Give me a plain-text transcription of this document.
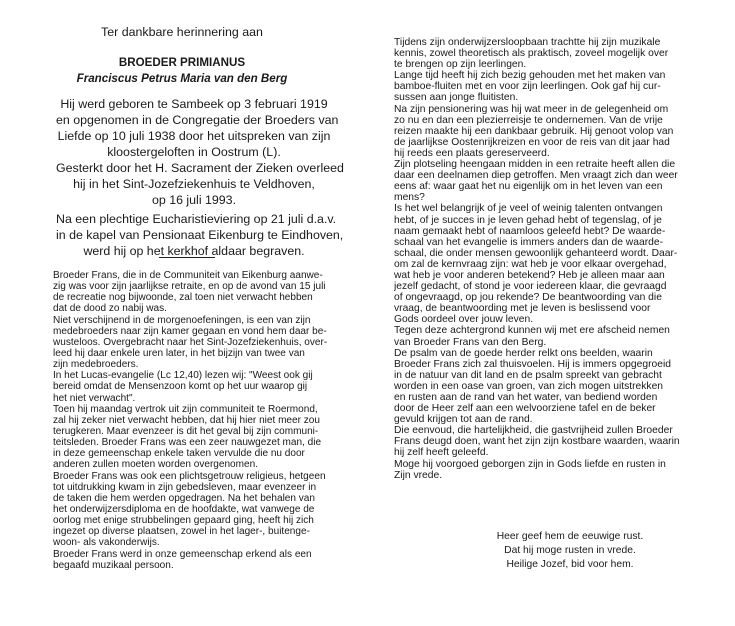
Ter dankbare herinnering aan
BROEDER PRIMIANUS
Franciscus Petrus Maria van den Berg
Hij werd geboren te Sambeek op 3 februari 1919
en opgenomen in de Congregatie der Broeders van
Liefde op 10 juli 1938 door het uitspreken van zijn
kloostergeloften in Oostrum (L).
Gesterkt door het H. Sacrament der Zieken overleed
hij in het Sint-Jozefziekenhuis te Veldhoven,
op 16 juli 1993.
Na een plechtige Eucharistieviering op 21 juli d.a.v.
in de kapel van Pensionaat Eikenburg te Eindhoven,
werd hij op het kerkhof aldaar begraven.
Broeder Frans, die in de Communiteit van Eikenburg aanwe-
zig was voor zijn jaarlijkse retraite, en op de avond van 15 juli
de recreatie nog bijwoonde, zal toen niet verwacht hebben
dat de dood zo nabij was.
Niet verschijnend in de morgenoefeningen, is een van zijn
medebroeders naar zijn kamer gegaan en vond hem daar be-
wusteloos. Overgebracht naar het Sint-Jozefziekenhuis, over-
leed hij daar enkele uren later, in het bijzijn van twee van
zijn medebroeders.
In het Lucas-evangelie (Lc 12,40) lezen wij: "Weest ook gij
bereid omdat de Mensenzoon komt op het uur waarop gij
het niet verwacht".
Toen hij maandag vertrok uit zijn communiteit te Roermond,
zal hij zeker niet verwacht hebben, dat hij hier niet meer zou
terugkeren. Maar evenzeer is dit het geval bij zijn communi-
teitsleden. Broeder Frans was een zeer nauwgezet man, die
in deze gemeenschap enkele taken vervulde die nu door
anderen zullen moeten worden overgenomen.
Broeder Frans was ook een plichtsgetrouw religieus, hetgeen
tot uitdrukking kwam in zijn gebedsleven, maar evenzeer in
de taken die hem werden opgedragen. Na het behalen van
het onderwijzersdiploma en de hoofdakte, wat vanwege de
oorlog met enige strubbelingen gepaard ging, heeft hij zich
ingezet op diverse plaatsen, zowel in het lager-, buitenge-
woon- als vakonderwijs.
Broeder Frans werd in onze gemeenschap erkend als een
begaafd muzikaal persoon.
Tijdens zijn onderwijzersloopbaan trachtte hij zijn muzikale
kennis, zowel theoretisch als praktisch, zoveel mogelijk over
te brengen op zijn leerlingen.
Lange tijd heeft hij zich bezig gehouden met het maken van
bamboe-fluiten met en voor zijn leerlingen. Ook gaf hij cur-
sussen aan jonge fluitisten.
Na zijn pensionering was hij wat meer in de gelegenheid om
zo nu en dan een plezierreisje te ondernemen. Van de vrije
reizen maakte hij een dankbaar gebruik. Hij genoot volop van
de jaarlijkse Oostenrijkreizen en voor de reis van dit jaar had
hij reeds een plaats gereserveerd.
Zijn plotseling heengaan midden in een retraite heeft allen die
daar een deelnamen diep getroffen. Men vraagt zich dan weer
eens af: waar gaat het nu eigenlijk om in het leven van een
mens?
Is het wel belangrijk of je veel of weinig talenten ontvangen
hebt, of je succes in je leven gehad hebt of tegenslag, of je
naam gemaakt hebt of naamloos geleefd hebt? De waarde-
schaal van het evangelie is immers anders dan de waarde-
schaal, die onder mensen gewoonlijk gehanteerd wordt. Daar-
om zal de kernvraag zijn: wat heb je voor elkaar overgehad,
wat heb je voor anderen betekend? Heb je alleen maar aan
jezelf gedacht, of stond je voor iedereen klaar, die gevraagd
of ongevraagd, op jou rekende? De beantwoording van die
vraag, de beantwoording met je leven is beslissend voor
Gods oordeel over jouw leven.
Tegen deze achtergrond kunnen wij met ere afscheid nemen
van Broeder Frans van den Berg.
De psalm van de goede herder relkt ons beelden, waarin
Broeder Frans zich zal thuisvoelen. Hij is immers opgegroeid
in de natuur van dit land en de psalm spreekt van gebracht
worden in een oase van groen, van zich mogen uitstrekken
en rusten aan de rand van het water, van bediend worden
door de Heer zelf aan een welvoorziene tafel en de beker
gevuld krijgen tot aan de rand.
Die eenvoud, die hartelijkheid, die gastvrijheid zullen Broeder
Frans deugd doen, want het zijn zijn kostbare waarden, waarin
hij zelf heeft geleefd.
Moge hij voorgoed geborgen zijn in Gods liefde en rusten in
Zijn vrede.
Heer geef hem de eeuwige rust.
Dat hij moge rusten in vrede.
Heilige Jozef, bid voor hem.
